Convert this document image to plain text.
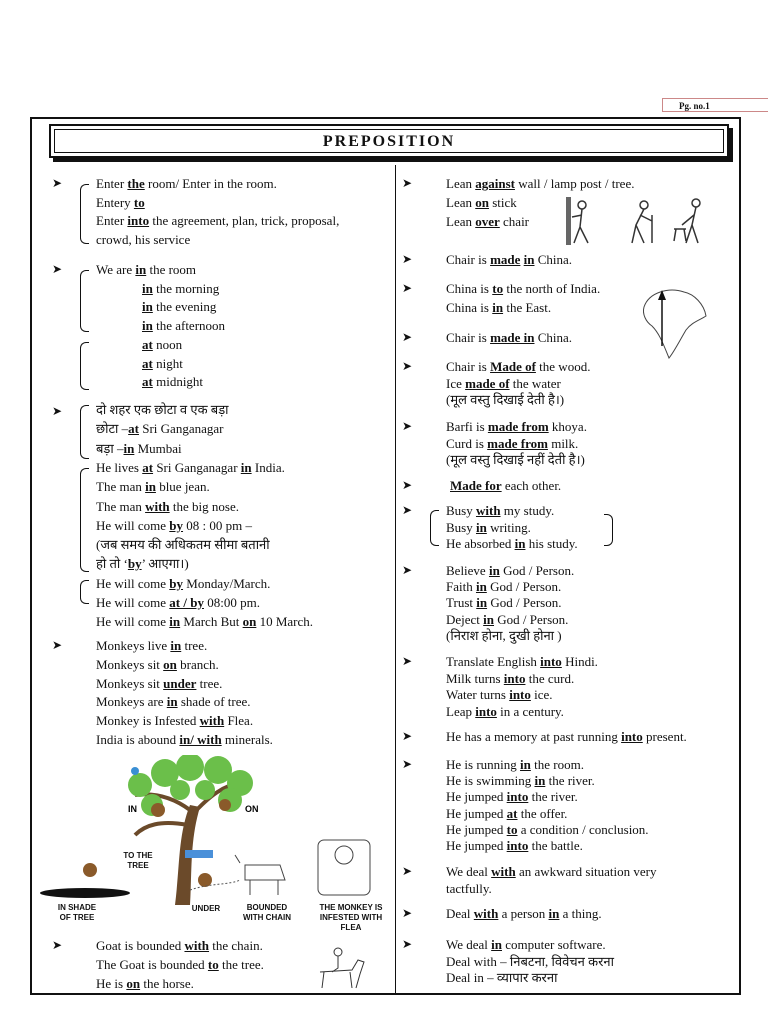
Pg. no.1
PREPOSITION
➤
➤
➤
➤
➤
➤
➤
➤
➤
➤
➤
➤
➤
➤
➤
➤
➤
➤
➤
➤
Enter the room/ Enter in the room.
Entery to
Enter into the agreement, plan, trick, proposal,
crowd, his service
We are in the room
in the morning
in the evening
in the afternoon
at noon
at night
at midnight
दो शहर एक छोटा व एक बड़ा
छोटा –at Sri Ganganagar
बड़ा –in Mumbai
He lives at Sri Ganganagar in India.
The man in blue jean.
The man with the big nose.
He will come by 08 : 00 pm –
(जब समय की अधिकतम सीमा बतानी
हो तो ‘by’ आएगा।)
He will come by Monday/March.
He will come at / by 08:00 pm.
He will come in March But on 10 March.
Monkeys live in tree.
Monkeys sit on branch.
Monkeys sit under tree.
Monkeys are in shade of tree.
Monkey is Infested with Flea.
India is abound in/ with minerals.
Goat is bounded with the chain.
The Goat is bounded to the tree.
He is on the horse.
Lean against wall / lamp post / tree.
Lean on stick
Lean over chair
Chair is made in China.
China is to the north of India.
China is in the East.
Chair is made in China.
Chair is Made of the wood.
Ice made of the water
(मूल वस्तु दिखाई देती है।)
Barfi is made from khoya.
Curd is made from milk.
(मूल वस्तु दिखाई नहीं देती है।)
Made for each other.
Busy with my study.
Busy in writing.
He absorbed in his study.
Believe in God / Person.
Faith in God / Person.
Trust in God / Person.
Deject in God / Person.
(निराश होना, दुखी होना )
Translate English into Hindi.
Milk turns into the curd.
Water turns into ice.
Leap into in a century.
He has a memory at past running into present.
He is running in the room.
He is swimming in the river.
He jumped into the river.
He jumped at the offer.
He jumped to a condition / conclusion.
He jumped into the battle.
We deal with an awkward situation very
tactfully.
Deal with a person in a thing.
We deal in computer software.
Deal with – निबटना, विवेचन करना
Deal in – व्यापार करना
IN	ON
TO THE TREE
IN SHADE OF TREE
UNDER	BOUNDED WITH CHAIN
THE MONKEY IS INFESTED WITH FLEA
